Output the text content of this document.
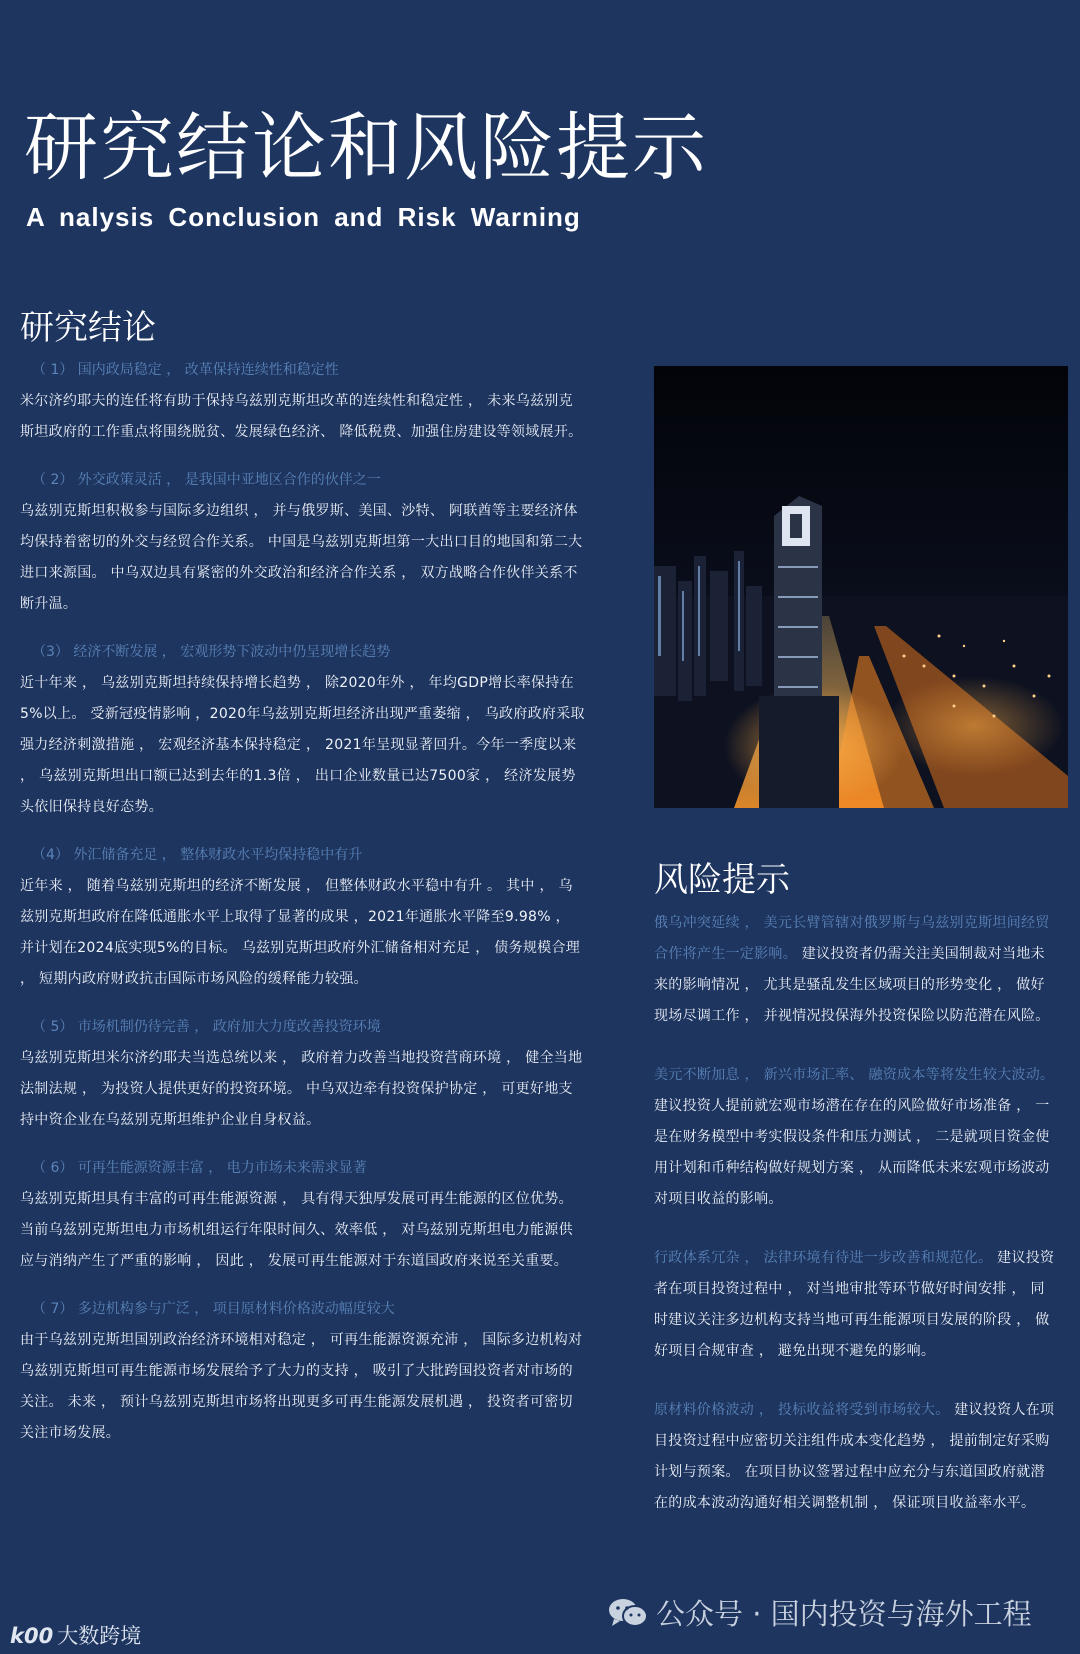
研究结论和风险提示
A nalysis Conclusion and Risk Warning
研究结论

（ 1） 国内政局稳定 ， 改革保持连续性和稳定性

米尔济约耶夫的连任将有助于保持乌兹别克斯坦改革的连续性和稳定性 ， 未来乌兹别克斯坦政府的工作重点将围绕脱贫、发展绿色经济、 降低税费、加强住房建设等领域展开。

（ 2） 外交政策灵活 ， 是我国中亚地区合作的伙伴之一

乌兹别克斯坦积极参与国际多边组织 ， 并与俄罗斯、美国、沙特、 阿联酋等主要经济体均保持着密切的外交与经贸合作关系。 中国是乌兹别克斯坦第一大出口目的地国和第二大进口来源国。 中乌双边具有紧密的外交政治和经济合作关系 ， 双方战略合作伙伴关系不断升温。

（3） 经济不断发展 ， 宏观形势下波动中仍呈现增长趋势

近十年来 ， 乌兹别克斯坦持续保持增长趋势 ， 除2020年外 ， 年均GDP增长率保持在5%以上。 受新冠疫情影响 ，2020年乌兹别克斯坦经济出现严重萎缩 ， 乌政府政府采取强力经济刺激措施 ， 宏观经济基本保持稳定 ， 2021年呈现显著回升。今年一季度以来 ， 乌兹别克斯坦出口额已达到去年的1.3倍 ， 出口企业数量已达7500家 ， 经济发展势头依旧保持良好态势。

（4） 外汇储备充足 ， 整体财政水平均保持稳中有升

近年来 ， 随着乌兹别克斯坦的经济不断发展 ， 但整体财政水平稳中有升 。 其中 ， 乌兹别克斯坦政府在降低通胀水平上取得了显著的成果 ，2021年通胀水平降至9.98% ， 并计划在2024底实现5%的目标。 乌兹别克斯坦政府外汇储备相对充足 ， 债务规模合理 ， 短期内政府财政抗击国际市场风险的缓释能力较强。

（ 5） 市场机制仍待完善 ， 政府加大力度改善投资环境

乌兹别克斯坦米尔济约耶夫当选总统以来 ， 政府着力改善当地投资营商环境 ， 健全当地法制法规 ， 为投资人提供更好的投资环境。 中乌双边牵有投资保护协定 ， 可更好地支持中资企业在乌兹别克斯坦维护企业自身权益。

（ 6） 可再生能源资源丰富 ， 电力市场未来需求显著

乌兹别克斯坦具有丰富的可再生能源资源 ， 具有得天独厚发展可再生能源的区位优势。 当前乌兹别克斯坦电力市场机组运行年限时间久、效率低 ， 对乌兹别克斯坦电力能源供应与消纳产生了严重的影响 ， 因此 ， 发展可再生能源对于东道国政府来说至关重要。

（ 7） 多边机构参与广泛 ， 项目原材料价格波动幅度较大

由于乌兹别克斯坦国别政治经济环境相对稳定 ， 可再生能源资源充沛 ， 国际多边机构对乌兹别克斯坦可再生能源市场发展给予了大力的支持 ， 吸引了大批跨国投资者对市场的关注。 未来 ， 预计乌兹别克斯坦市场将出现更多可再生能源发展机遇 ， 投资者可密切关注市场发展。

风险提示

俄乌冲突延续 ， 美元长臂管辖对俄罗斯与乌兹别克斯坦间经贸合作将产生一定影响。 建议投资者仍需关注美国制裁对当地未来的影响情况 ， 尤其是骚乱发生区域项目的形势变化 ， 做好现场尽调工作 ， 并视情况投保海外投资保险以防范潜在风险。

美元不断加息 ， 新兴市场汇率、 融资成本等将发生较大波动。 建议投资人提前就宏观市场潜在存在的风险做好市场准备 ， 一是在财务模型中考实假设条件和压力测试 ， 二是就项目资金使用计划和币种结构做好规划方案 ， 从而降低未来宏观市场波动对项目收益的影响。

行政体系冗杂 ， 法律环境有待进一步改善和规范化。 建议投资者在项目投资过程中 ， 对当地审批等环节做好时间安排 ， 同时建议关注多边机构支持当地可再生能源项目发展的阶段 ， 做好项目合规审查 ， 避免出现不避免的影响。

原材料价格波动 ， 投标收益将受到市场较大。 建议投资人在项目投资过程中应密切关注组件成本变化趋势 ， 提前制定好采购计划与预案。 在项目协议签署过程中应充分与东道国政府就潜在的成本波动沟通好相关调整机制 ， 保证项目收益率水平。

k00 大数跨境
公众号 · 国内投资与海外工程
